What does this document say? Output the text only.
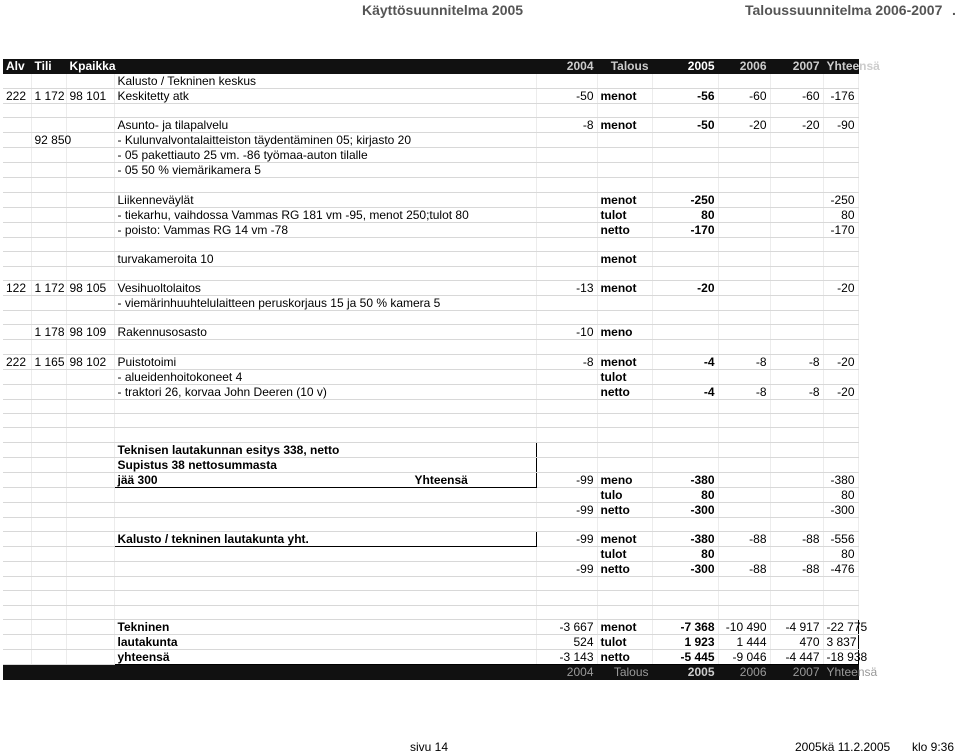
Käyttösuunnitelma 2005	Taloussuunnitelma 2006-2007 .
Alv	Tili	Kpaikka		2004	Talous	2005	2006	2007	Yhteensä
			Kalusto / Tekninen keskus						
222	1 172	98 101	Keskitetty atk	-50	menot	-56	-60	-60	-176

			Asunto- ja tilapalvelu	-8	menot	-50	-20	-20	-90
	92 850		- Kulunvalvontalaitteiston täydentäminen 05; kirjasto 20						
			- 05 pakettiauto 25 vm. -86 työmaa-auton tilalle						
			- 05 50 % viemärikamera 5						

			Liikenneväylät		menot	-250			-250
			- tiekarhu, vaihdossa Vammas RG 181 vm -95, menot 250;tulot 80		tulot	80			80
			- poisto: Vammas RG 14 vm -78		netto	-170			-170

			turvakameroita 10		menot				

122	1 172	98 105	Vesihuoltolaitos	-13	menot	-20			-20
			- viemärinhuuhtelulaitteen peruskorjaus 15 ja 50 % kamera 5						

	1 178	98 109	Rakennusosasto	-10	meno				

222	1 165	98 102	Puistotoimi	-8	menot	-4	-8	-8	-20
			- alueidenhoitokoneet 4		tulot				
			- traktori 26, korvaa John Deeren (10 v)		netto	-4	-8	-8	-20

			Teknisen lautakunnan esitys 338, netto						
			Supistus 38 nettosummasta						
			jää 300 Yhteensä	-99	meno	-380			-380
					tulo	80			80
				-99	netto	-300			-300

			Kalusto / tekninen lautakunta yht.	-99	menot	-380	-88	-88	-556
					tulot	80			80
				-99	netto	-300	-88	-88	-476

			Tekninen	-3 667	menot	-7 368	-10 490	-4 917	-22 775
			lautakunta	524	tulot	1 923	1 444	470	3 837
			yhteensä	-3 143	netto	-5 445	-9 046	-4 447	-18 938
				2004	Talous	2005	2006	2007	Yhteensä
sivu 14	2005kä 11.2.2005 klo 9:36
